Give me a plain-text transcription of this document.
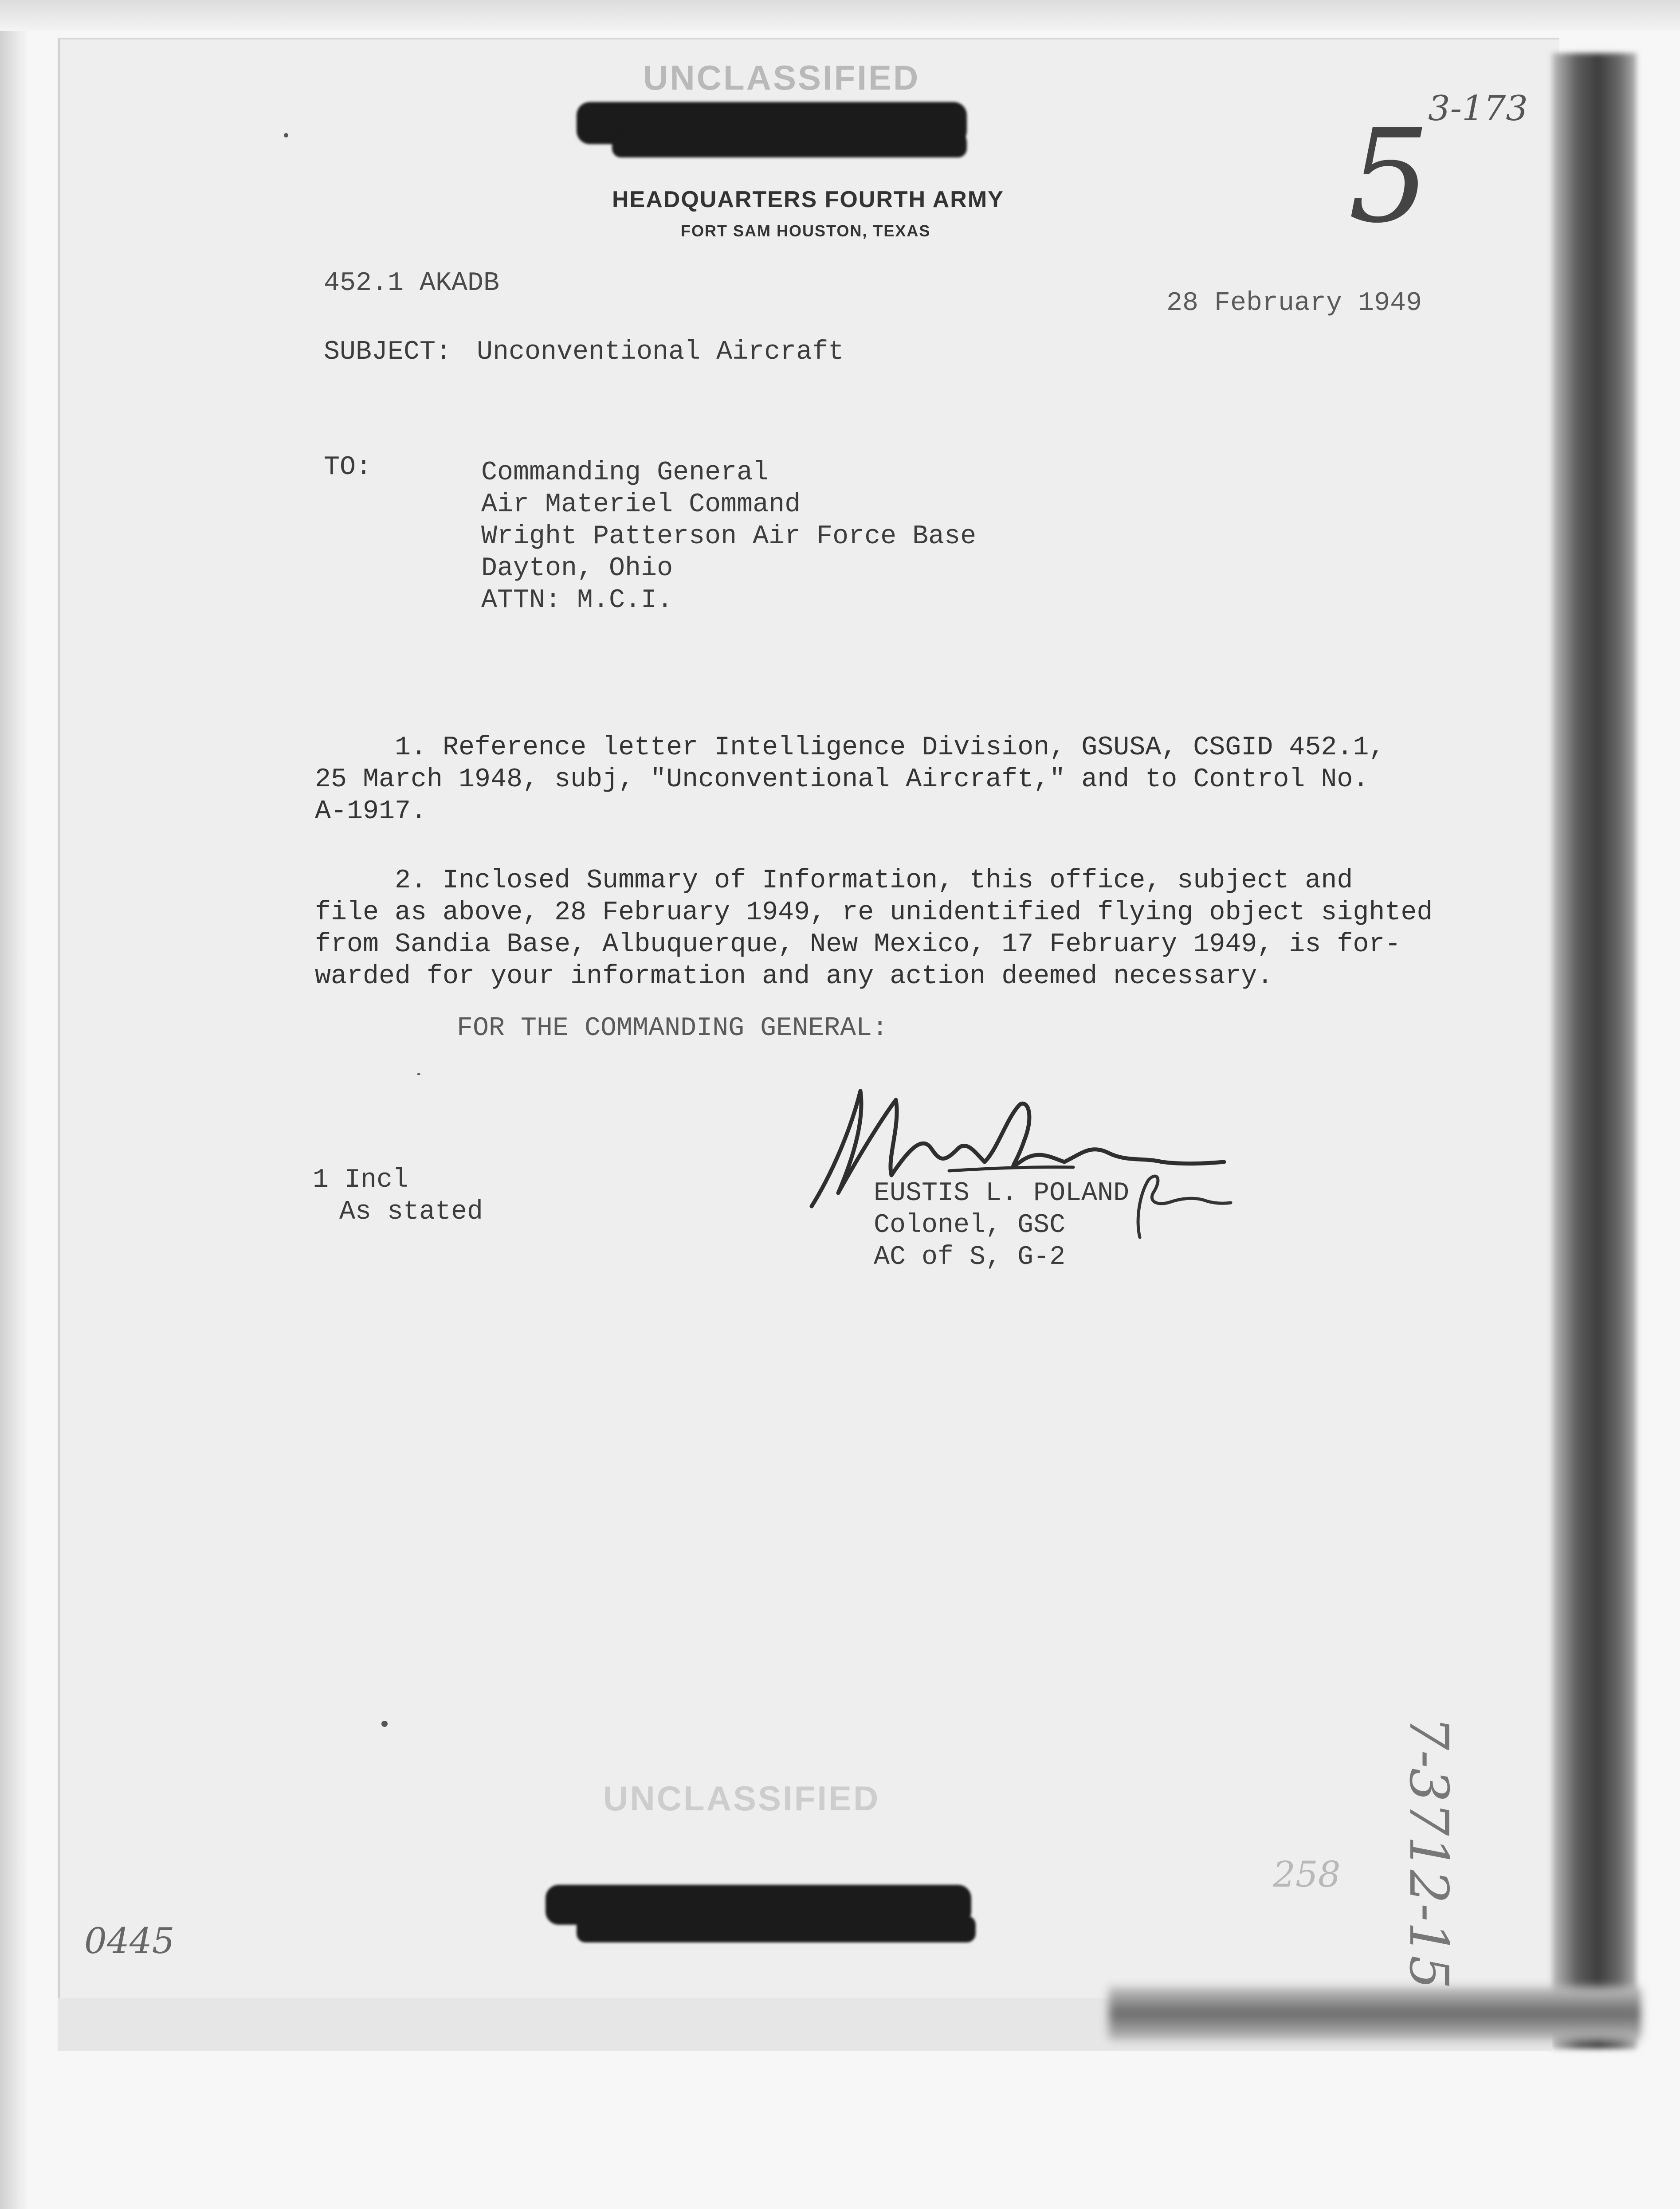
UNCLASSIFIED
3-173
5
HEADQUARTERS FOURTH ARMY
FORT SAM HOUSTON, TEXAS
452.1 AKADB
28 February 1949
SUBJECT: Unconventional Aircraft
TO:	Commanding General
Air Materiel Command
Wright Patterson Air Force Base
Dayton, Ohio
ATTN: M.C.I.
1. Reference letter Intelligence Division, GSUSA, CSGID 452.1,
25 March 1948, subj, "Unconventional Aircraft," and to Control No.
A-1917.
2. Inclosed Summary of Information, this office, subject and
file as above, 28 February 1949, re unidentified flying object sighted
from Sandia Base, Albuquerque, New Mexico, 17 February 1949, is for-
warded for your information and any action deemed necessary.
FOR THE COMMANDING GENERAL:
1 Incl
As stated
EUSTIS L. POLAND
Colonel, GSC
AC of S, G-2
UNCLASSIFIED
258
0445	7-3712-15
